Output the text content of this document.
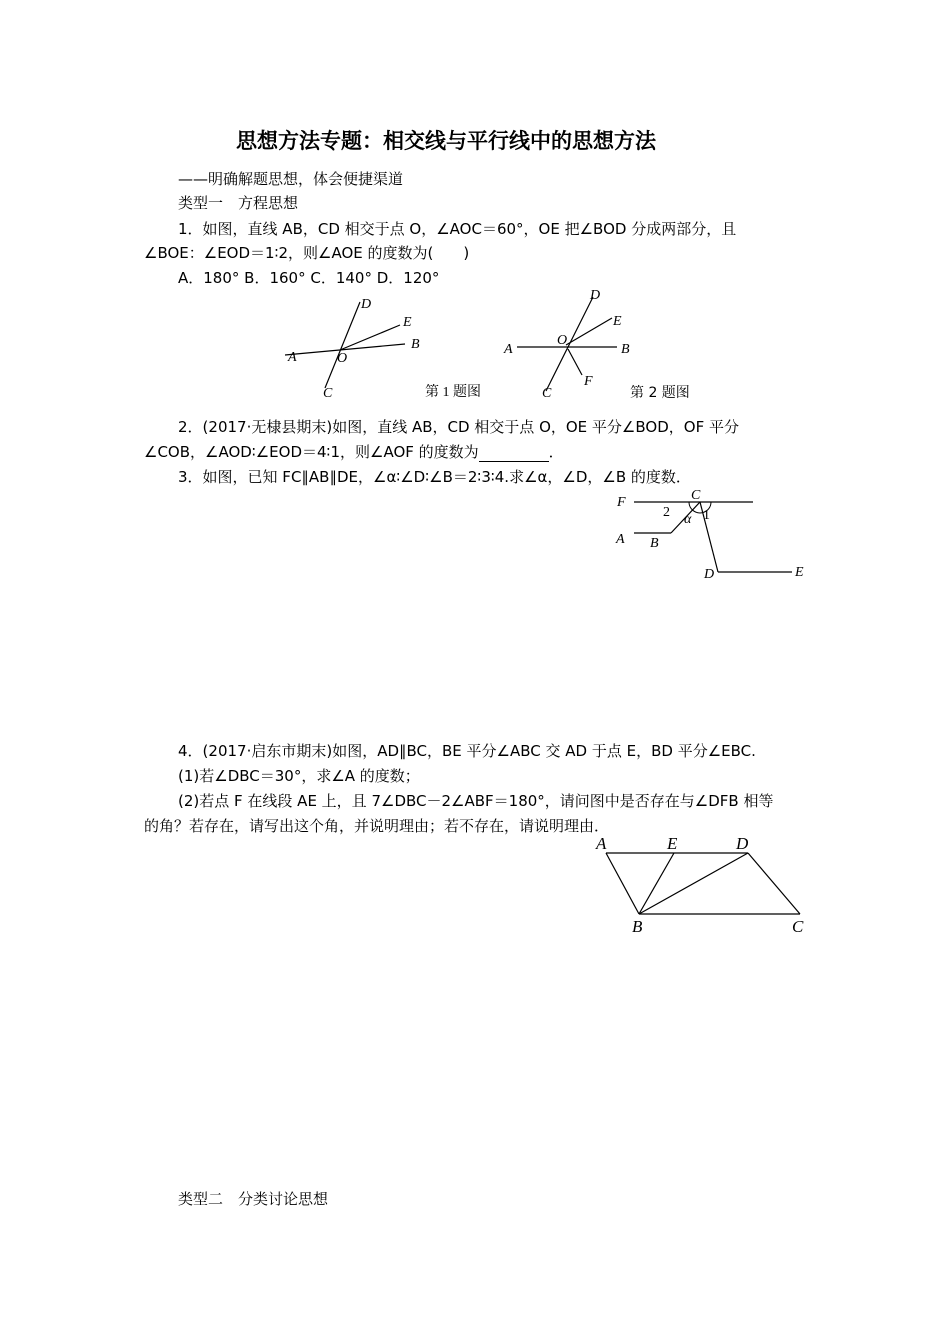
思想方法专题：相交线与平行线中的思想方法
——明确解题思想，体会便捷渠道
类型一　方程思想
1．如图，直线 AB，CD 相交于点 O，∠AOC＝60°，OE 把∠BOD 分成两部分，且
∠BOE：∠EOD＝1∶2，则∠AOE 的度数为(　　)
A．180° B．160° C．140° D．120°
D
E
B
A	O
C	第 1 题图
D
E
A
O
B
F
C	第 2 题图
2．(2017·无棣县期末)如图，直线 AB，CD 相交于点 O，OE 平分∠BOD，OF 平分
∠COB，∠AOD∶∠EOD＝4∶1，则∠AOF 的度数为	．
3．如图，已知 FC∥AB∥DE，∠α∶∠D∶∠B＝2∶3∶4.求∠α，∠D，∠B 的度数．
F	C
2 1
α
A B
D	E
4．(2017·启东市期末)如图，AD∥BC，BE 平分∠ABC 交 AD 于点 E，BD 平分∠EBC.
(1)若∠DBC＝30°，求∠A 的度数；
(2)若点 F 在线段 AE 上，且 7∠DBC－2∠ABF＝180°，请问图中是否存在与∠DFB 相等
的角？若存在，请写出这个角，并说明理由；若不存在，请说明理由．
A	E	D
B	C
类型二　分类讨论思想
